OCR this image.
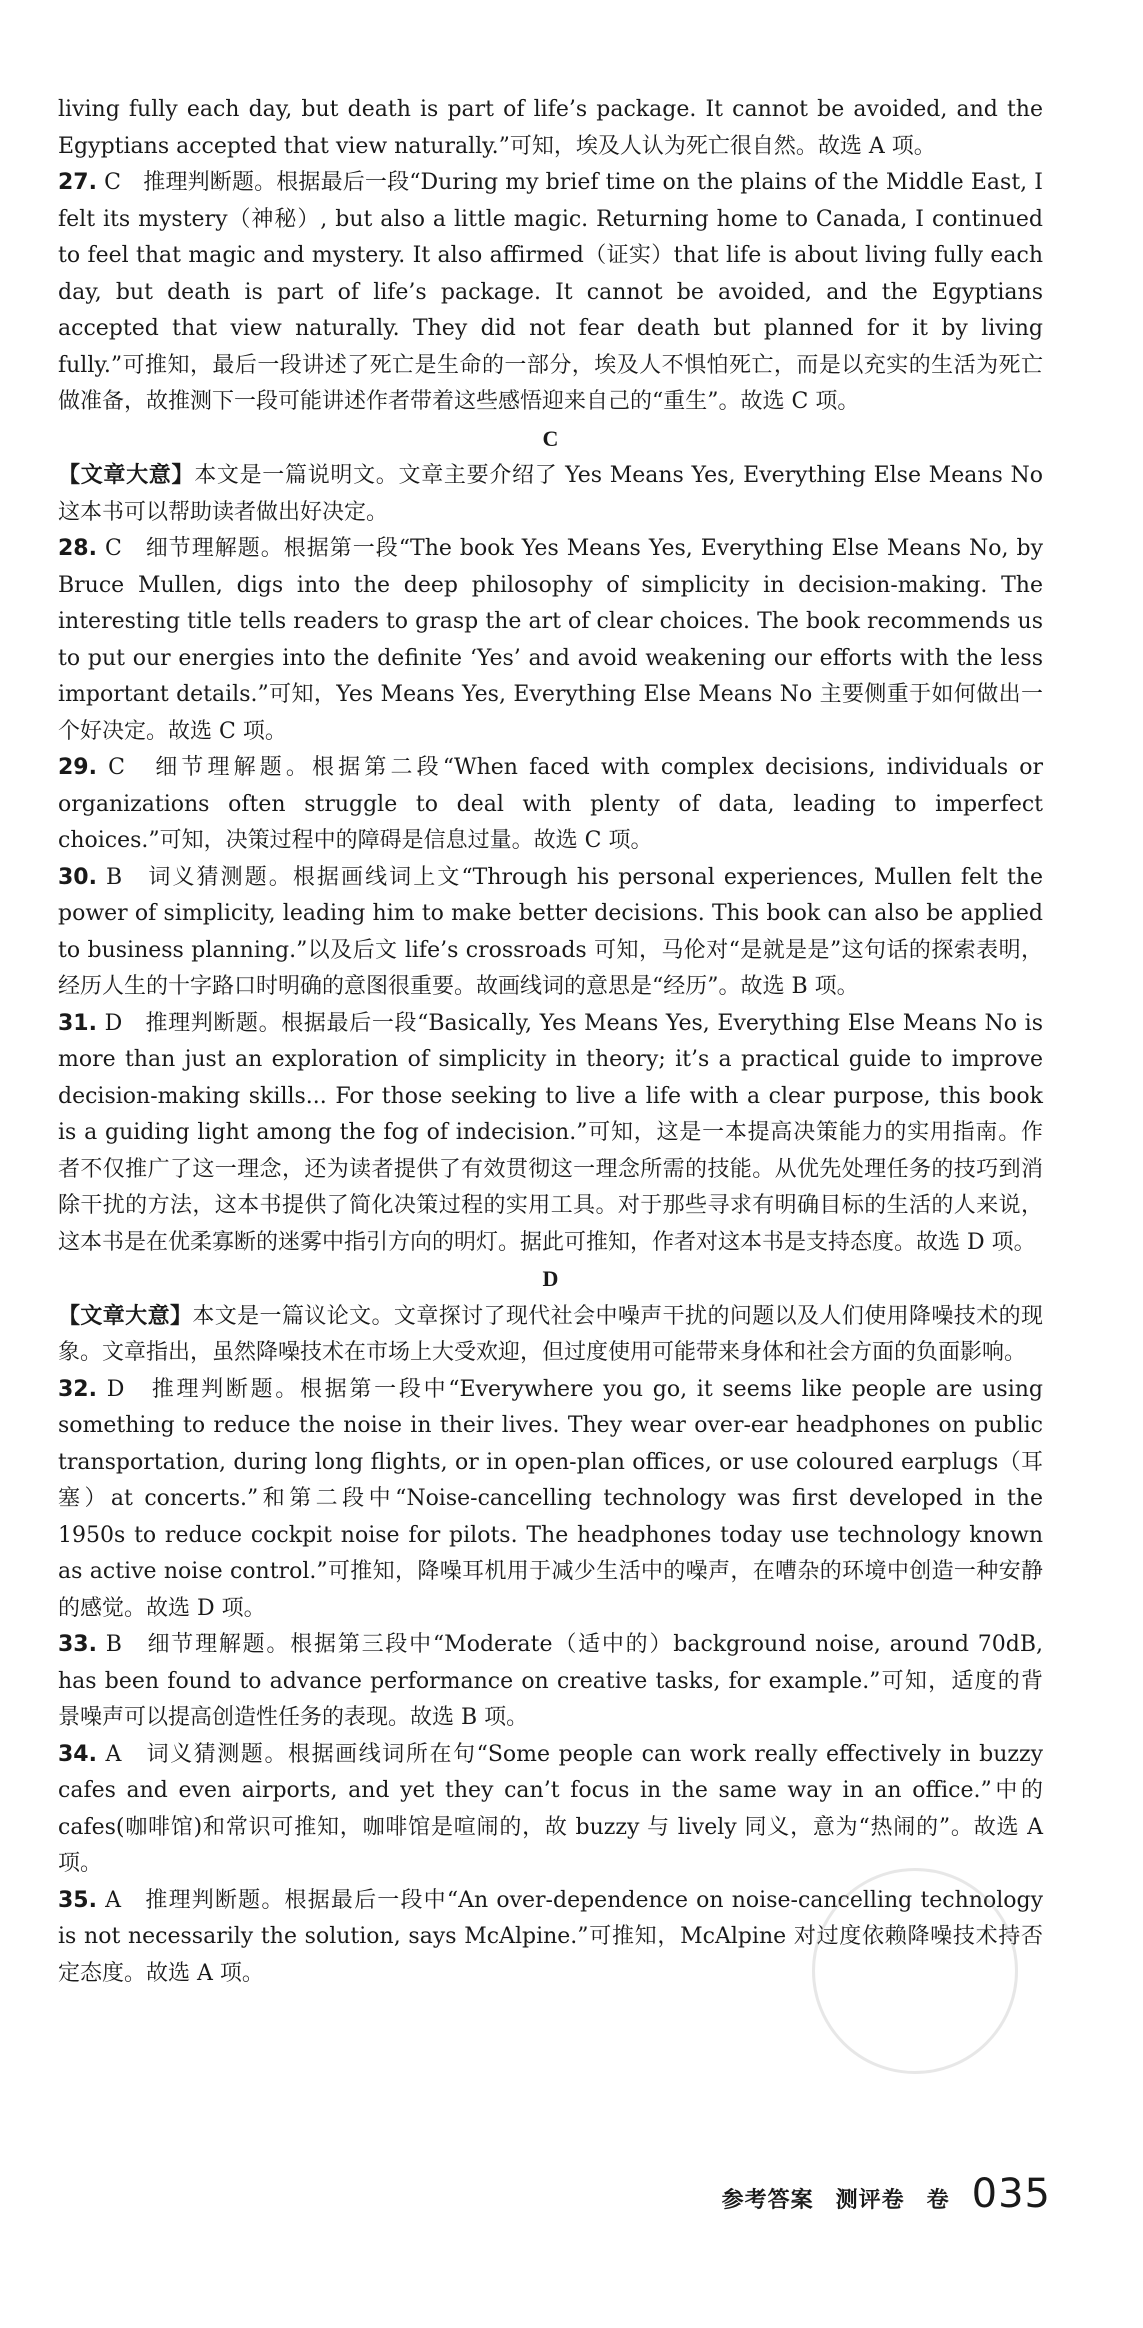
living fully each day, but death is part of life’s package. It cannot be avoided, and the Egyptians accepted that view naturally.”可知，埃及人认为死亡很自然。故选 A 项。

27. C　推理判断题。根据最后一段“During my brief time on the plains of the Middle East, I felt its mystery（神秘）, but also a little magic. Returning home to Canada, I continued to feel that magic and mystery. It also affirmed（证实）that life is about living fully each day, but death is part of life’s package. It cannot be avoided, and the Egyptians accepted that view naturally. They did not fear death but planned for it by living fully.”可推知，最后一段讲述了死亡是生命的一部分，埃及人不惧怕死亡，而是以充实的生活为死亡做准备，故推测下一段可能讲述作者带着这些感悟迎来自己的“重生”。故选 C 项。

C

【文章大意】本文是一篇说明文。文章主要介绍了 Yes Means Yes, Everything Else Means No 这本书可以帮助读者做出好决定。

28. C　细节理解题。根据第一段“The book Yes Means Yes, Everything Else Means No, by Bruce Mullen, digs into the deep philosophy of simplicity in decision-making. The interesting title tells readers to grasp the art of clear choices. The book recommends us to put our energies into the definite ‘Yes’ and avoid weakening our efforts with the less important details.”可知，Yes Means Yes, Everything Else Means No 主要侧重于如何做出一个好决定。故选 C 项。

29. C　细节理解题。根据第二段“When faced with complex decisions, individuals or organizations often struggle to deal with plenty of data, leading to imperfect choices.”可知，决策过程中的障碍是信息过量。故选 C 项。

30. B　词义猜测题。根据画线词上文“Through his personal experiences, Mullen felt the power of simplicity, leading him to make better decisions. This book can also be applied to business planning.”以及后文 life’s crossroads 可知，马伦对“是就是是”这句话的探索表明，经历人生的十字路口时明确的意图很重要。故画线词的意思是“经历”。故选 B 项。

31. D　推理判断题。根据最后一段“Basically, Yes Means Yes, Everything Else Means No is more than just an exploration of simplicity in theory; it’s a practical guide to improve decision-making skills... For those seeking to live a life with a clear purpose, this book is a guiding light among the fog of indecision.”可知，这是一本提高决策能力的实用指南。作者不仅推广了这一理念，还为读者提供了有效贯彻这一理念所需的技能。从优先处理任务的技巧到消除干扰的方法，这本书提供了简化决策过程的实用工具。对于那些寻求有明确目标的生活的人来说，这本书是在优柔寡断的迷雾中指引方向的明灯。据此可推知，作者对这本书是支持态度。故选 D 项。

D

【文章大意】本文是一篇议论文。文章探讨了现代社会中噪声干扰的问题以及人们使用降噪技术的现象。文章指出，虽然降噪技术在市场上大受欢迎，但过度使用可能带来身体和社会方面的负面影响。

32. D　推理判断题。根据第一段中“Everywhere you go, it seems like people are using something to reduce the noise in their lives. They wear over-ear headphones on public transportation, during long flights, or in open-plan offices, or use coloured earplugs（耳塞）at concerts.”和第二段中“Noise-cancelling technology was first developed in the 1950s to reduce cockpit noise for pilots. The headphones today use technology known as active noise control.”可推知，降噪耳机用于减少生活中的噪声，在嘈杂的环境中创造一种安静的感觉。故选 D 项。

33. B　细节理解题。根据第三段中“Moderate（适中的）background noise, around 70dB, has been found to advance performance on creative tasks, for example.”可知，适度的背景噪声可以提高创造性任务的表现。故选 B 项。

34. A　词义猜测题。根据画线词所在句“Some people can work really effectively in buzzy cafes and even airports, and yet they can’t focus in the same way in an office.”中的 cafes(咖啡馆)和常识可推知，咖啡馆是喧闹的，故 buzzy 与 lively 同义，意为“热闹的”。故选 A 项。

35. A　推理判断题。根据最后一段中“An over-dependence on noise-cancelling technology is not necessarily the solution, says McAlpine.”可推知，McAlpine 对过度依赖降噪技术持否定态度。故选 A 项。

参考答案 测评卷 卷 035
